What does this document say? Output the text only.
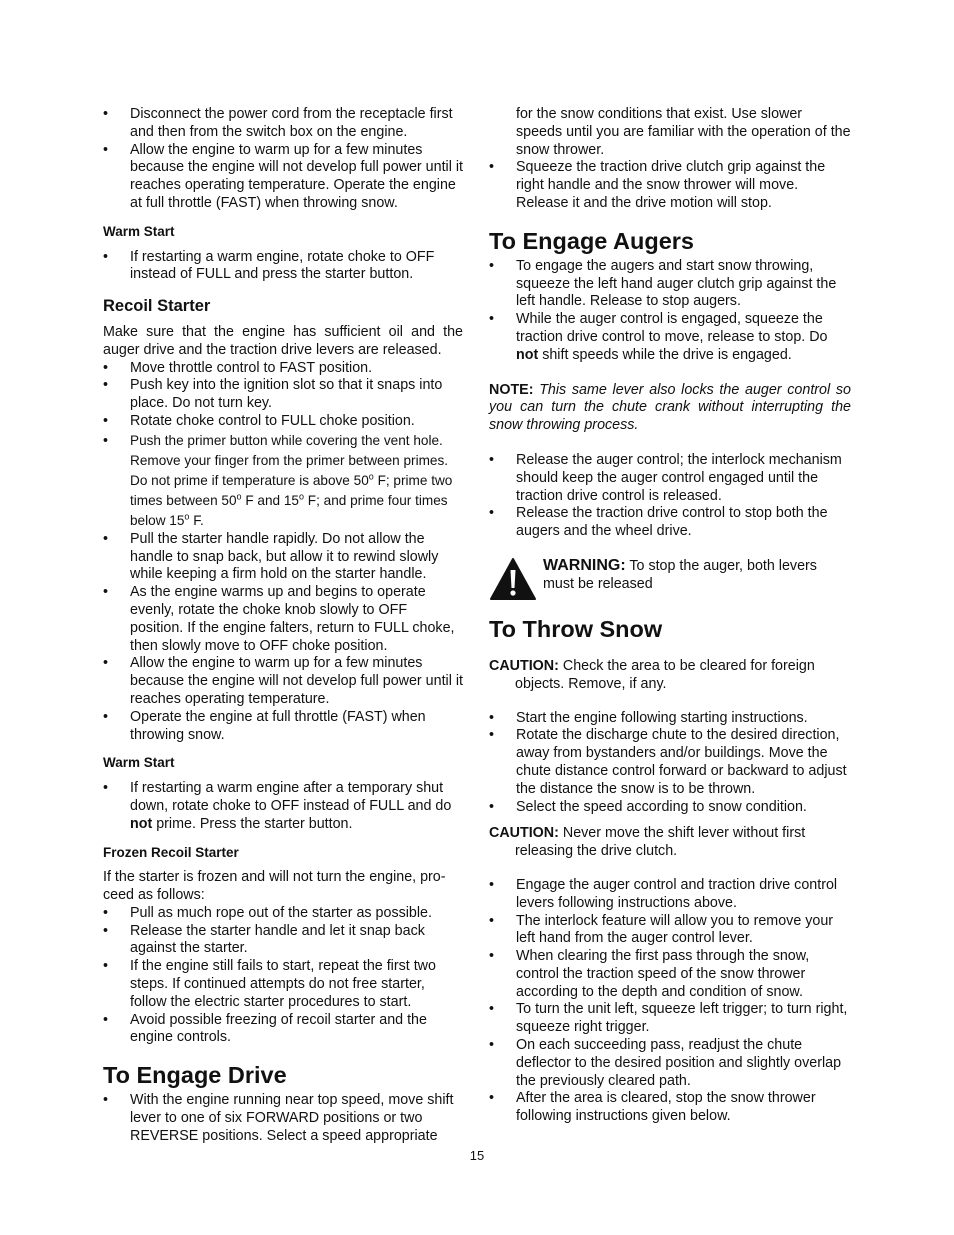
• Disconnect the power cord from the receptacle first and then from the switch box on the engine.
• Allow the engine to warm up for a few minutes because the engine will not develop full power until it reaches operating temperature. Operate the engine at full throttle (FAST) when throwing snow.
Warm Start
• If restarting a warm engine, rotate choke to OFF instead of FULL and press the starter button.
Recoil Starter

Make sure that the engine has sufficient oil and the auger drive and the traction drive levers are released.

• Move throttle control to FAST position.
• Push key into the ignition slot so that it snaps into place. Do not turn key.
• Rotate choke control to FULL choke position.
• Push the primer button while covering the vent hole. Remove your finger from the primer between primes. Do not prime if temperature is above 50$^o$ F; prime two times between 50$^o$ F and 15$^o$ F; and prime four times below 15$^o$ F.
• Pull the starter handle rapidly. Do not allow the handle to snap back, but allow it to rewind slowly while keeping a firm hold on the starter handle.
• As the engine warms up and begins to operate evenly, rotate the choke knob slowly to OFF position. If the engine falters, return to FULL choke, then slowly move to OFF choke position.
• Allow the engine to warm up for a few minutes because the engine will not develop full power until it reaches operating temperature.
• Operate the engine at full throttle (FAST) when throwing snow.
Warm Start
• If restarting a warm engine after a temporary shut down, rotate choke to OFF instead of FULL and do not prime. Press the starter button.
Frozen Recoil Starter

If the starter is frozen and will not turn the engine, pro-ceed as follows:

• Pull as much rope out of the starter as possible.
• Release the starter handle and let it snap back against the starter.
• If the engine still fails to start, repeat the first two steps. If continued attempts do not free starter, follow the electric starter procedures to start.
• Avoid possible freezing of recoil starter and the engine controls.
To Engage Drive
• With the engine running near top speed, move shift lever to one of six FORWARD positions or two REVERSE positions. Select a speed appropriate

for the snow conditions that exist. Use slower speeds until you are familiar with the operation of the snow thrower.

• Squeeze the traction drive clutch grip against the right handle and the snow thrower will move. Release it and the drive motion will stop.
To Engage Augers
• To engage the augers and start snow throwing, squeeze the left hand auger clutch grip against the left handle. Release to stop augers.
• While the auger control is engaged, squeeze the traction drive control to move, release to stop. Do not shift speeds while the drive is engaged.

NOTE: This same lever also locks the auger control so you can turn the chute crank without interrupting the snow throwing process.

• Release the auger control; the interlock mechanism should keep the auger control engaged until the traction drive control is released.
• Release the traction drive control to stop both the augers and the wheel drive.
WARNING: To stop the auger, both levers must be released
To Throw Snow

CAUTION: Check the area to be cleared for foreign objects. Remove, if any.

• Start the engine following starting instructions.
• Rotate the discharge chute to the desired direction, away from bystanders and/or buildings. Move the chute distance control forward or backward to adjust the distance the snow is to be thrown.
• Select the speed according to snow condition.

CAUTION: Never move the shift lever without first releasing the drive clutch.

• Engage the auger control and traction drive control levers following instructions above.
• The interlock feature will allow you to remove your left hand from the auger control lever.
• When clearing the first pass through the snow, control the traction speed of the snow thrower according to the depth and condition of snow.
• To turn the unit left, squeeze left trigger; to turn right, squeeze right trigger.
• On each succeeding pass, readjust the chute deflector to the desired position and slightly overlap the previously cleared path.
• After the area is cleared, stop the snow thrower following instructions given below.
15
